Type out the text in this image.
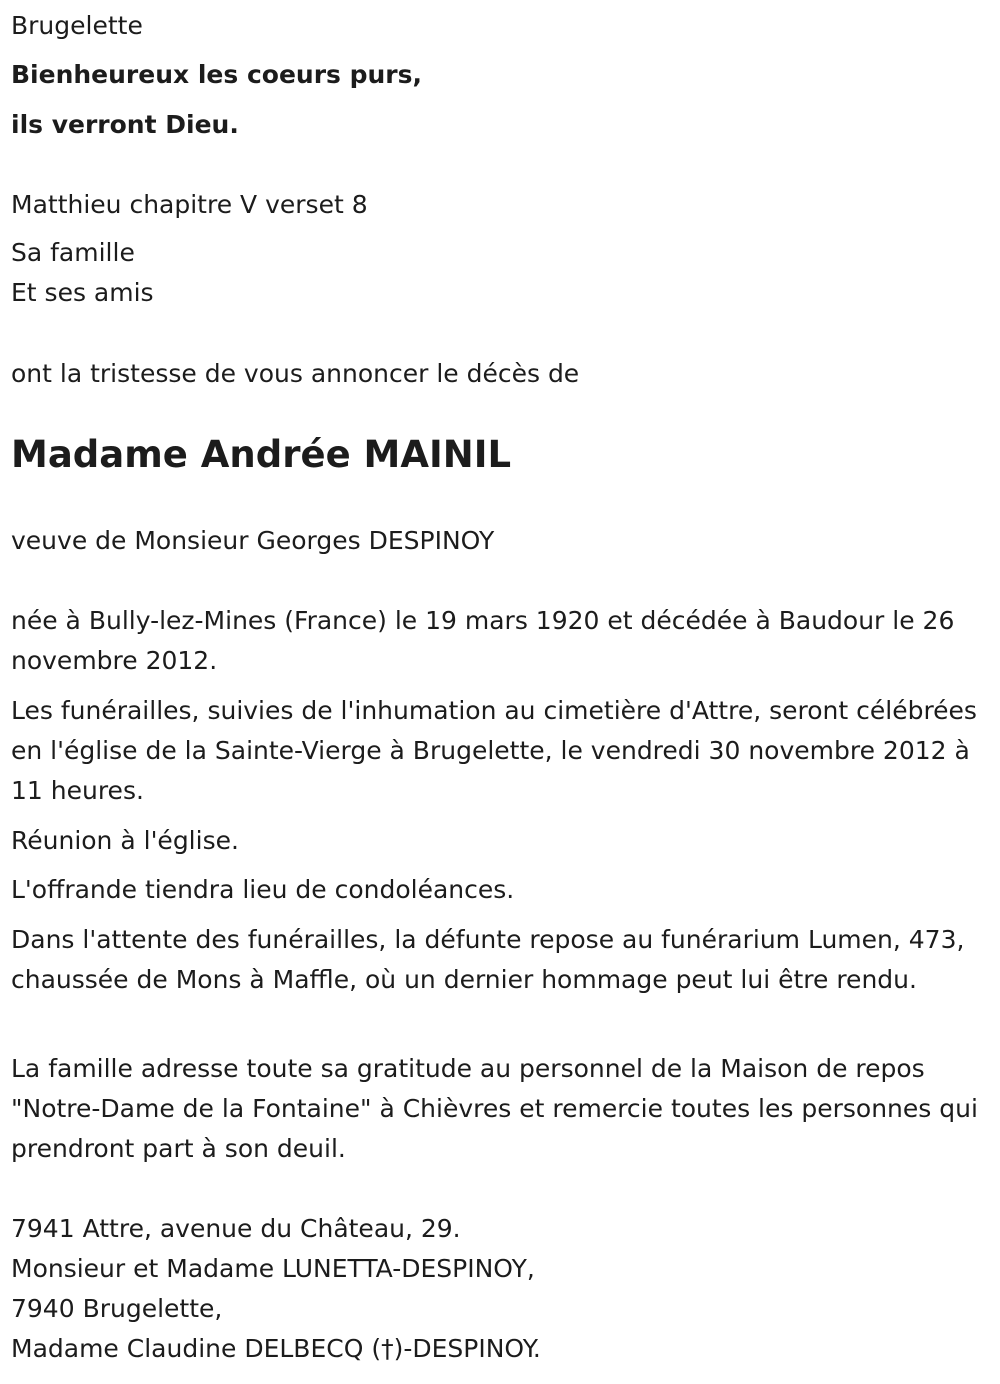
Brugelette

Bienheureux les coeurs purs,

ils verront Dieu.

Matthieu chapitre V verset 8

Sa famille

Et ses amis

ont la tristesse de vous annoncer le décès de

Madame Andrée MAINIL

veuve de Monsieur Georges DESPINOY

née à Bully-lez-Mines (France) le 19 mars 1920 et décédée à Baudour le 26 novembre 2012.

Les funérailles, suivies de l'inhumation au cimetière d'Attre, seront célébrées en l'église de la Sainte-Vierge à Brugelette, le vendredi 30 novembre 2012 à 11 heures.

Réunion à l'église.

L'offrande tiendra lieu de condoléances.

Dans l'attente des funérailles, la défunte repose au funérarium Lumen, 473, chaussée de Mons à Maffle, où un dernier hommage peut lui être rendu.

La famille adresse toute sa gratitude au personnel de la Maison de repos "Notre-Dame de la Fontaine" à Chièvres et remercie toutes les personnes qui prendront part à son deuil.

7941 Attre, avenue du Château, 29.

Monsieur et Madame LUNETTA-DESPINOY,

7940 Brugelette,

Madame Claudine DELBECQ (†)-DESPINOY.
